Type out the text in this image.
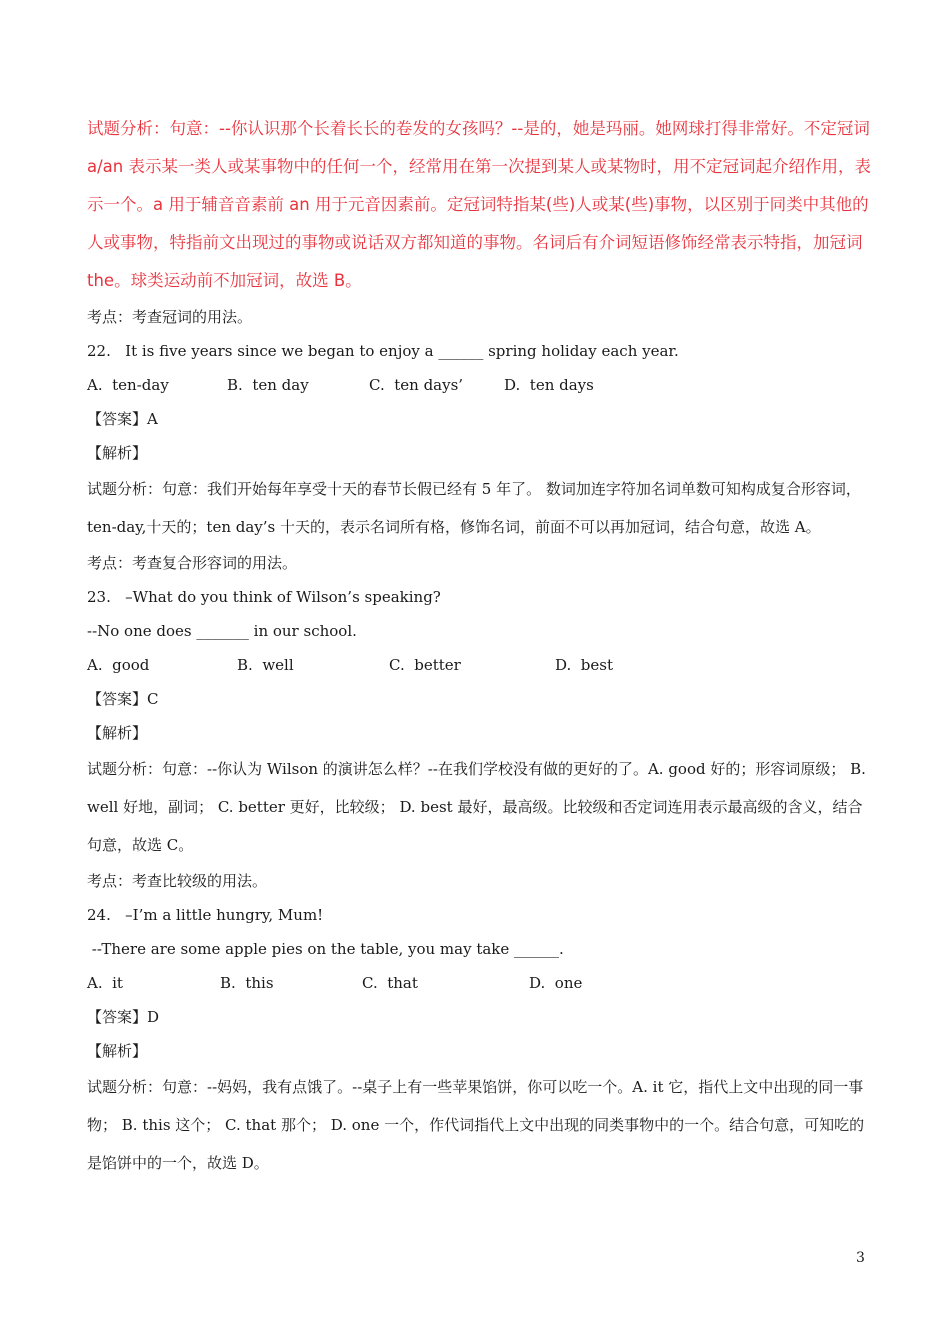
试题分析：句意：--你认识那个长着长长的卷发的女孩吗？--是的，她是玛丽。她网球打得非常好。不定冠词 a/an 表示某一类人或某事物中的任何一个，经常用在第一次提到某人或某物时，用不定冠词起介绍作用，表示一个。a 用于辅音音素前 an 用于元音因素前。定冠词特指某(些)人或某(些)事物，以区别于同类中其他的人或事物，特指前文出现过的事物或说话双方都知道的事物。名词后有介词短语修饰经常表示特指，加冠词 the。球类运动前不加冠词，故选 B。

考点：考查冠词的用法。

22.   It is five years since we began to enjoy a ______ spring holiday each year.

A.  ten-day	B.  ten day	C.  ten days’	D.  ten days

【答案】A

【解析】

试题分析：句意：我们开始每年享受十天的春节长假已经有 5 年了。 数词加连字符加名词单数可知构成复合形容词，ten-day,十天的；ten day’s 十天的，表示名词所有格，修饰名词，前面不可以再加冠词，结合句意，故选 A。

考点：考查复合形容词的用法。

23.   –What do you think of Wilson’s speaking?

--No one does _______ in our school.

A.  good	B.  well	C.  better	D.  best

【答案】C

【解析】

试题分析：句意：--你认为 Wilson 的演讲怎么样？--在我们学校没有做的更好的了。A. good 好的；形容词原级； B. well 好地，副词； C. better 更好，比较级； D. best 最好，最高级。比较级和否定词连用表示最高级的含义，结合句意，故选 C。

考点：考查比较级的用法。

24.   –I’m a little hungry, Mum!

--There are some apple pies on the table, you may take ______.

A.  it	B.  this	C.  that	D.  one

【答案】D

【解析】

试题分析：句意：--妈妈，我有点饿了。--桌子上有一些苹果馅饼，你可以吃一个。A. it 它，指代上文中出现的同一事物； B. this 这个； C. that 那个； D. one 一个，作代词指代上文中出现的同类事物中的一个。结合句意，可知吃的是馅饼中的一个，故选 D。

3
